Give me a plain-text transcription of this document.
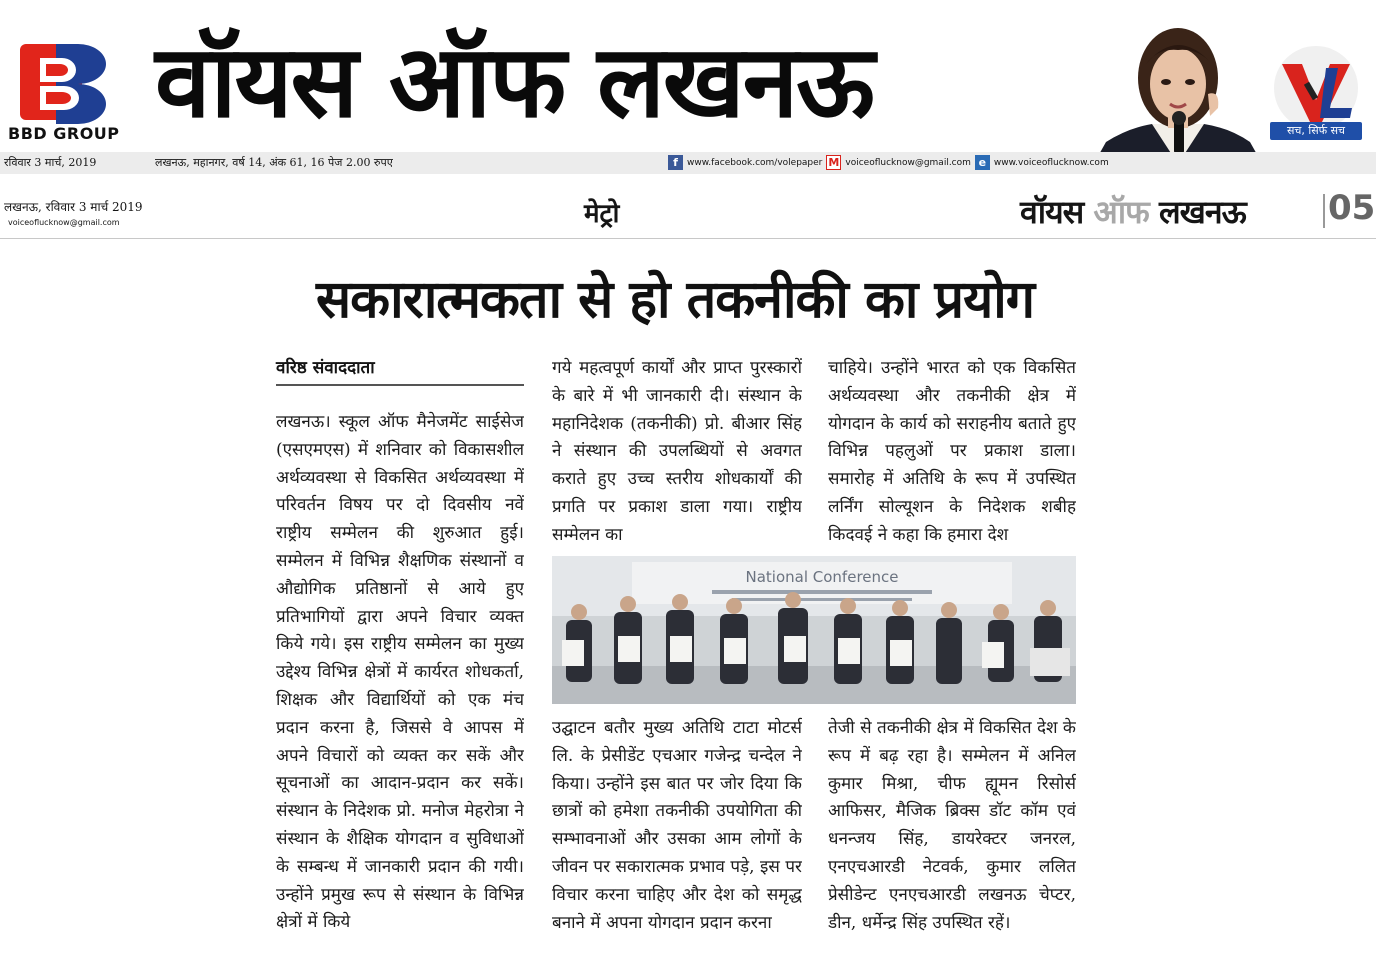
BBD GROUP वॉयस ऑफ लखनऊ	सच, सिर्फ सच
रविवार 3 मार्च, 2019	लखनऊ, महानगर, वर्ष 14, अंक 61, 16 पेज 2.00 रुपए	f	www.facebook.com/volepaper M voiceoflucknow@gmail.com e www.voiceoflucknow.com
लखनऊ, रविवार 3 मार्च 2019
voiceoflucknow@gmail.com	मेट्रो	वॉयस ऑफ लखनऊ 05
सकारात्मकता से हो तकनीकी का प्रयोग
वरिष्ठ संवाददाता
लखनऊ। स्कूल ऑफ मैनेजमेंट साईसेज (एसएमएस) में शनिवार को विकासशील अर्थव्यवस्था से विकसित अर्थव्यवस्था में परिवर्तन विषय पर दो दिवसीय नवें राष्ट्रीय सम्मेलन की शुरुआत हुई। सम्मेलन में विभिन्न शैक्षणिक संस्थानों व औद्योगिक प्रतिष्ठानों से आये हुए प्रतिभागियों द्वारा अपने विचार व्यक्त किये गये। इस राष्ट्रीय सम्मेलन का मुख्य उद्देश्य विभिन्न क्षेत्रों में कार्यरत शोधकर्ता, शिक्षक और विद्यार्थियों को एक मंच प्रदान करना है, जिससे वे आपस में अपने विचारों को व्यक्त कर सकें और सूचनाओं का आदान-प्रदान कर सकें। संस्थान के निदेशक प्रो. मनोज मेहरोत्रा ने संस्थान के शैक्षिक योगदान व सुविधाओं के सम्बन्ध में जानकारी प्रदान की गयी। उन्होंने प्रमुख रूप से संस्थान के विभिन्न क्षेत्रों में किये
गये महत्वपूर्ण कार्यों और प्राप्त पुरस्कारों के बारे में भी जानकारी दी। संस्थान के महानिदेशक (तकनीकी) प्रो. बीआर सिंह ने संस्थान की उपलब्धियों से अवगत कराते हुए उच्च स्तरीय शोधकार्यों की प्रगति पर प्रकाश डाला गया। राष्ट्रीय सम्मेलन का
चाहिये। उन्होंने भारत को एक विकसित अर्थव्यवस्था और तकनीकी क्षेत्र में योगदान के कार्य को सराहनीय बताते हुए विभिन्न पहलुओं पर प्रकाश डाला। समारोह में अतिथि के रूप में उपस्थित लर्निंग सोल्यूशन के निदेशक शबीह किदवई ने कहा कि हमारा देश
National Conference
उद्घाटन बतौर मुख्य अतिथि टाटा मोटर्स लि. के प्रेसीडेंट एचआर गजेन्द्र चन्देल ने किया। उन्होंने इस बात पर जोर दिया कि छात्रों को हमेशा तकनीकी उपयोगिता की सम्भावनाओं और उसका आम लोगों के जीवन पर सकारात्मक प्रभाव पड़े, इस पर विचार करना चाहिए और देश को समृद्ध बनाने में अपना योगदान प्रदान करना
तेजी से तकनीकी क्षेत्र में विकसित देश के रूप में बढ़ रहा है। सम्मेलन में अनिल कुमार मिश्रा, चीफ ह्यूमन रिसोर्स आफिसर, मैजिक ब्रिक्स डॉट कॉम एवं धनन्जय सिंह, डायरेक्टर जनरल, एनएचआरडी नेटवर्क, कुमार ललित प्रेसीडेन्ट एनएचआरडी लखनऊ चेप्टर, डीन, धर्मेन्द्र सिंह उपस्थित रहें।
